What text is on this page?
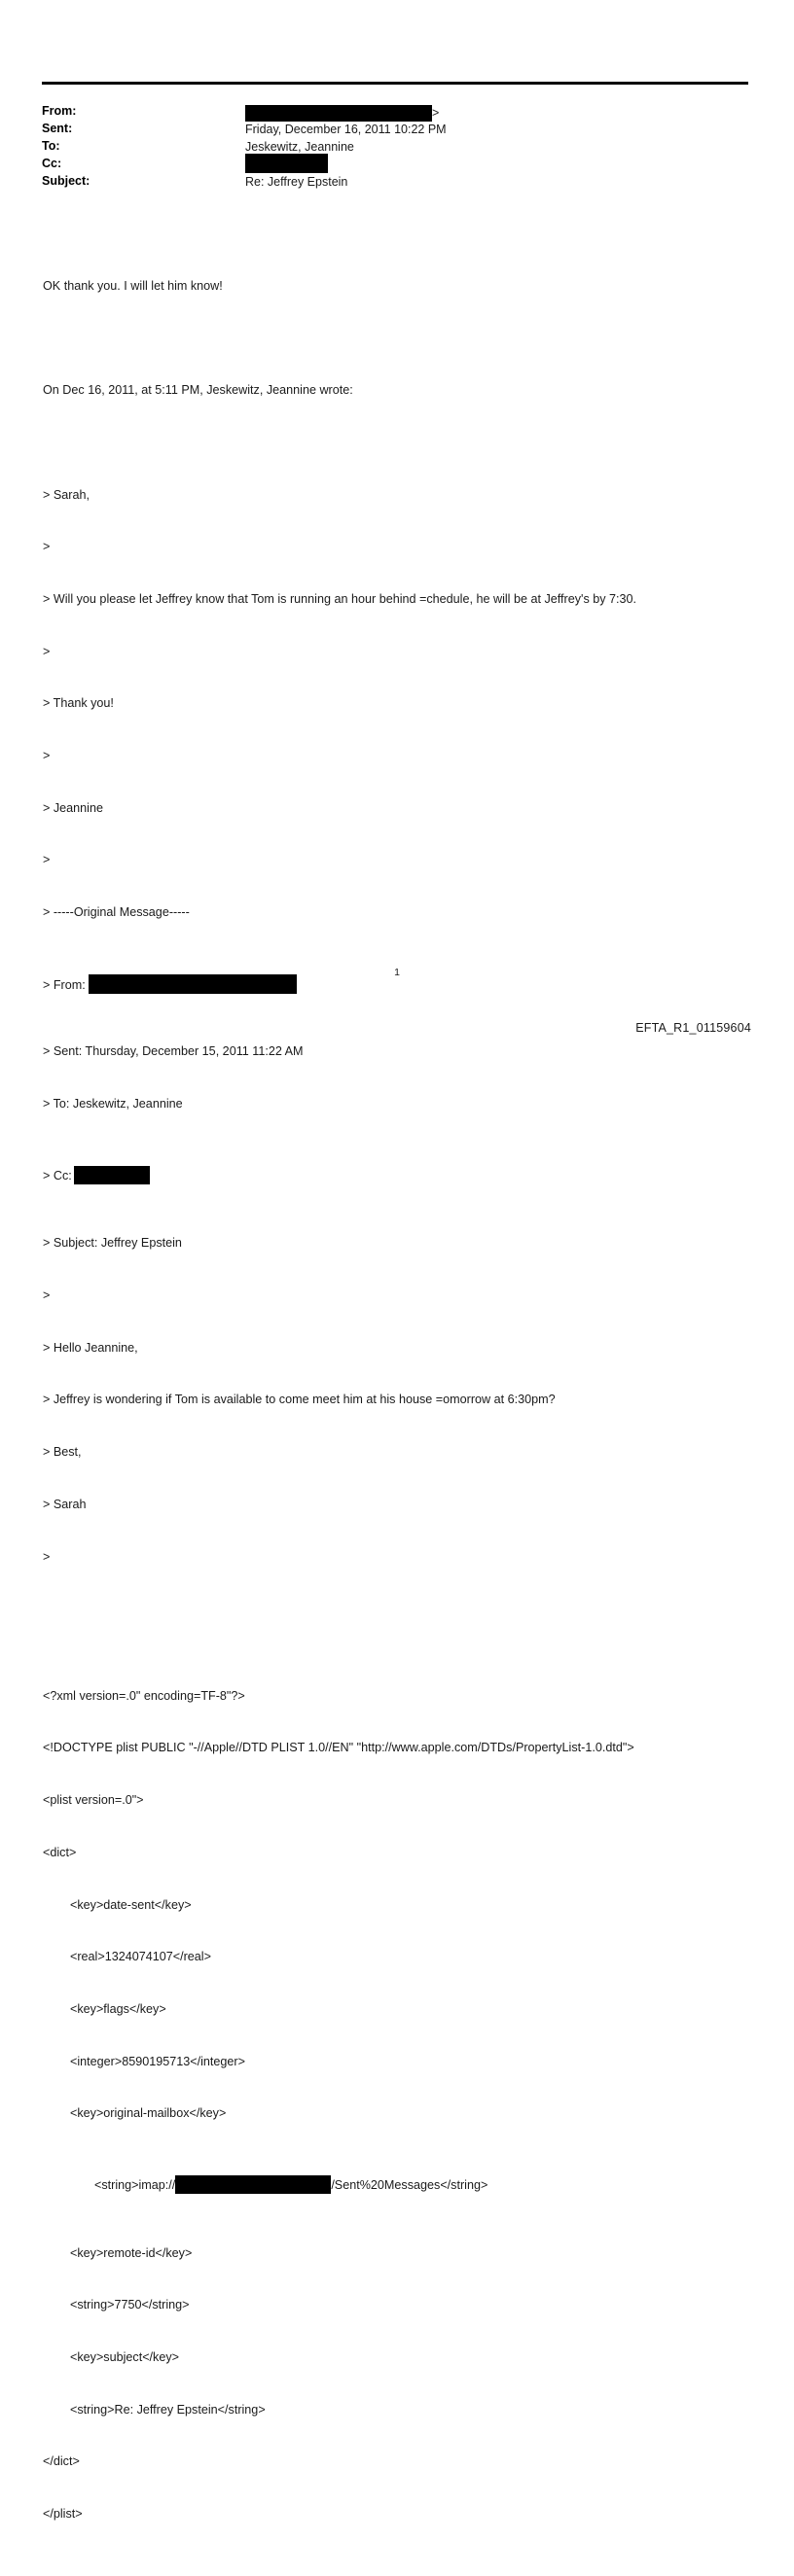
From:	>
Sent:	Friday, December 16, 2011 10:22 PM
To:	Jeskewitz, Jeannine
Cc:
Subject:	Re: Jeffrey Epstein

OK thank you. I will let him know!

On Dec 16, 2011, at 5:11 PM, Jeskewitz, Jeannine wrote:

> Sarah,

>

> Will you please let Jeffrey know that Tom is running an hour behind =chedule, he will be at Jeffrey's by 7:30.

>

> Thank you!

>

> Jeannine

>

> -----Original Message-----

> From:

> Sent: Thursday, December 15, 2011 11:22 AM

> To: Jeskewitz, Jeannine

> Cc:

> Subject: Jeffrey Epstein

>

> Hello Jeannine,

> Jeffrey is wondering if Tom is available to come meet him at his house =omorrow at 6:30pm?

> Best,

> Sarah

>

<?xml version=.0" encoding=TF-8"?>

<!DOCTYPE plist PUBLIC "-//Apple//DTD PLIST 1.0//EN" "http://www.apple.com/DTDs/PropertyList-1.0.dtd">

<plist version=.0">

<dict>

<key>date-sent</key>

<real>1324074107</real>

<key>flags</key>

<integer>8590195713</integer>

<key>original-mailbox</key>

<string>imap://	/Sent%20Messages</string>

<key>remote-id</key>

<string>7750</string>

<key>subject</key>

<string>Re: Jeffrey Epstein</string>

</dict>

</plist>

1
EFTA_R1_01159604
